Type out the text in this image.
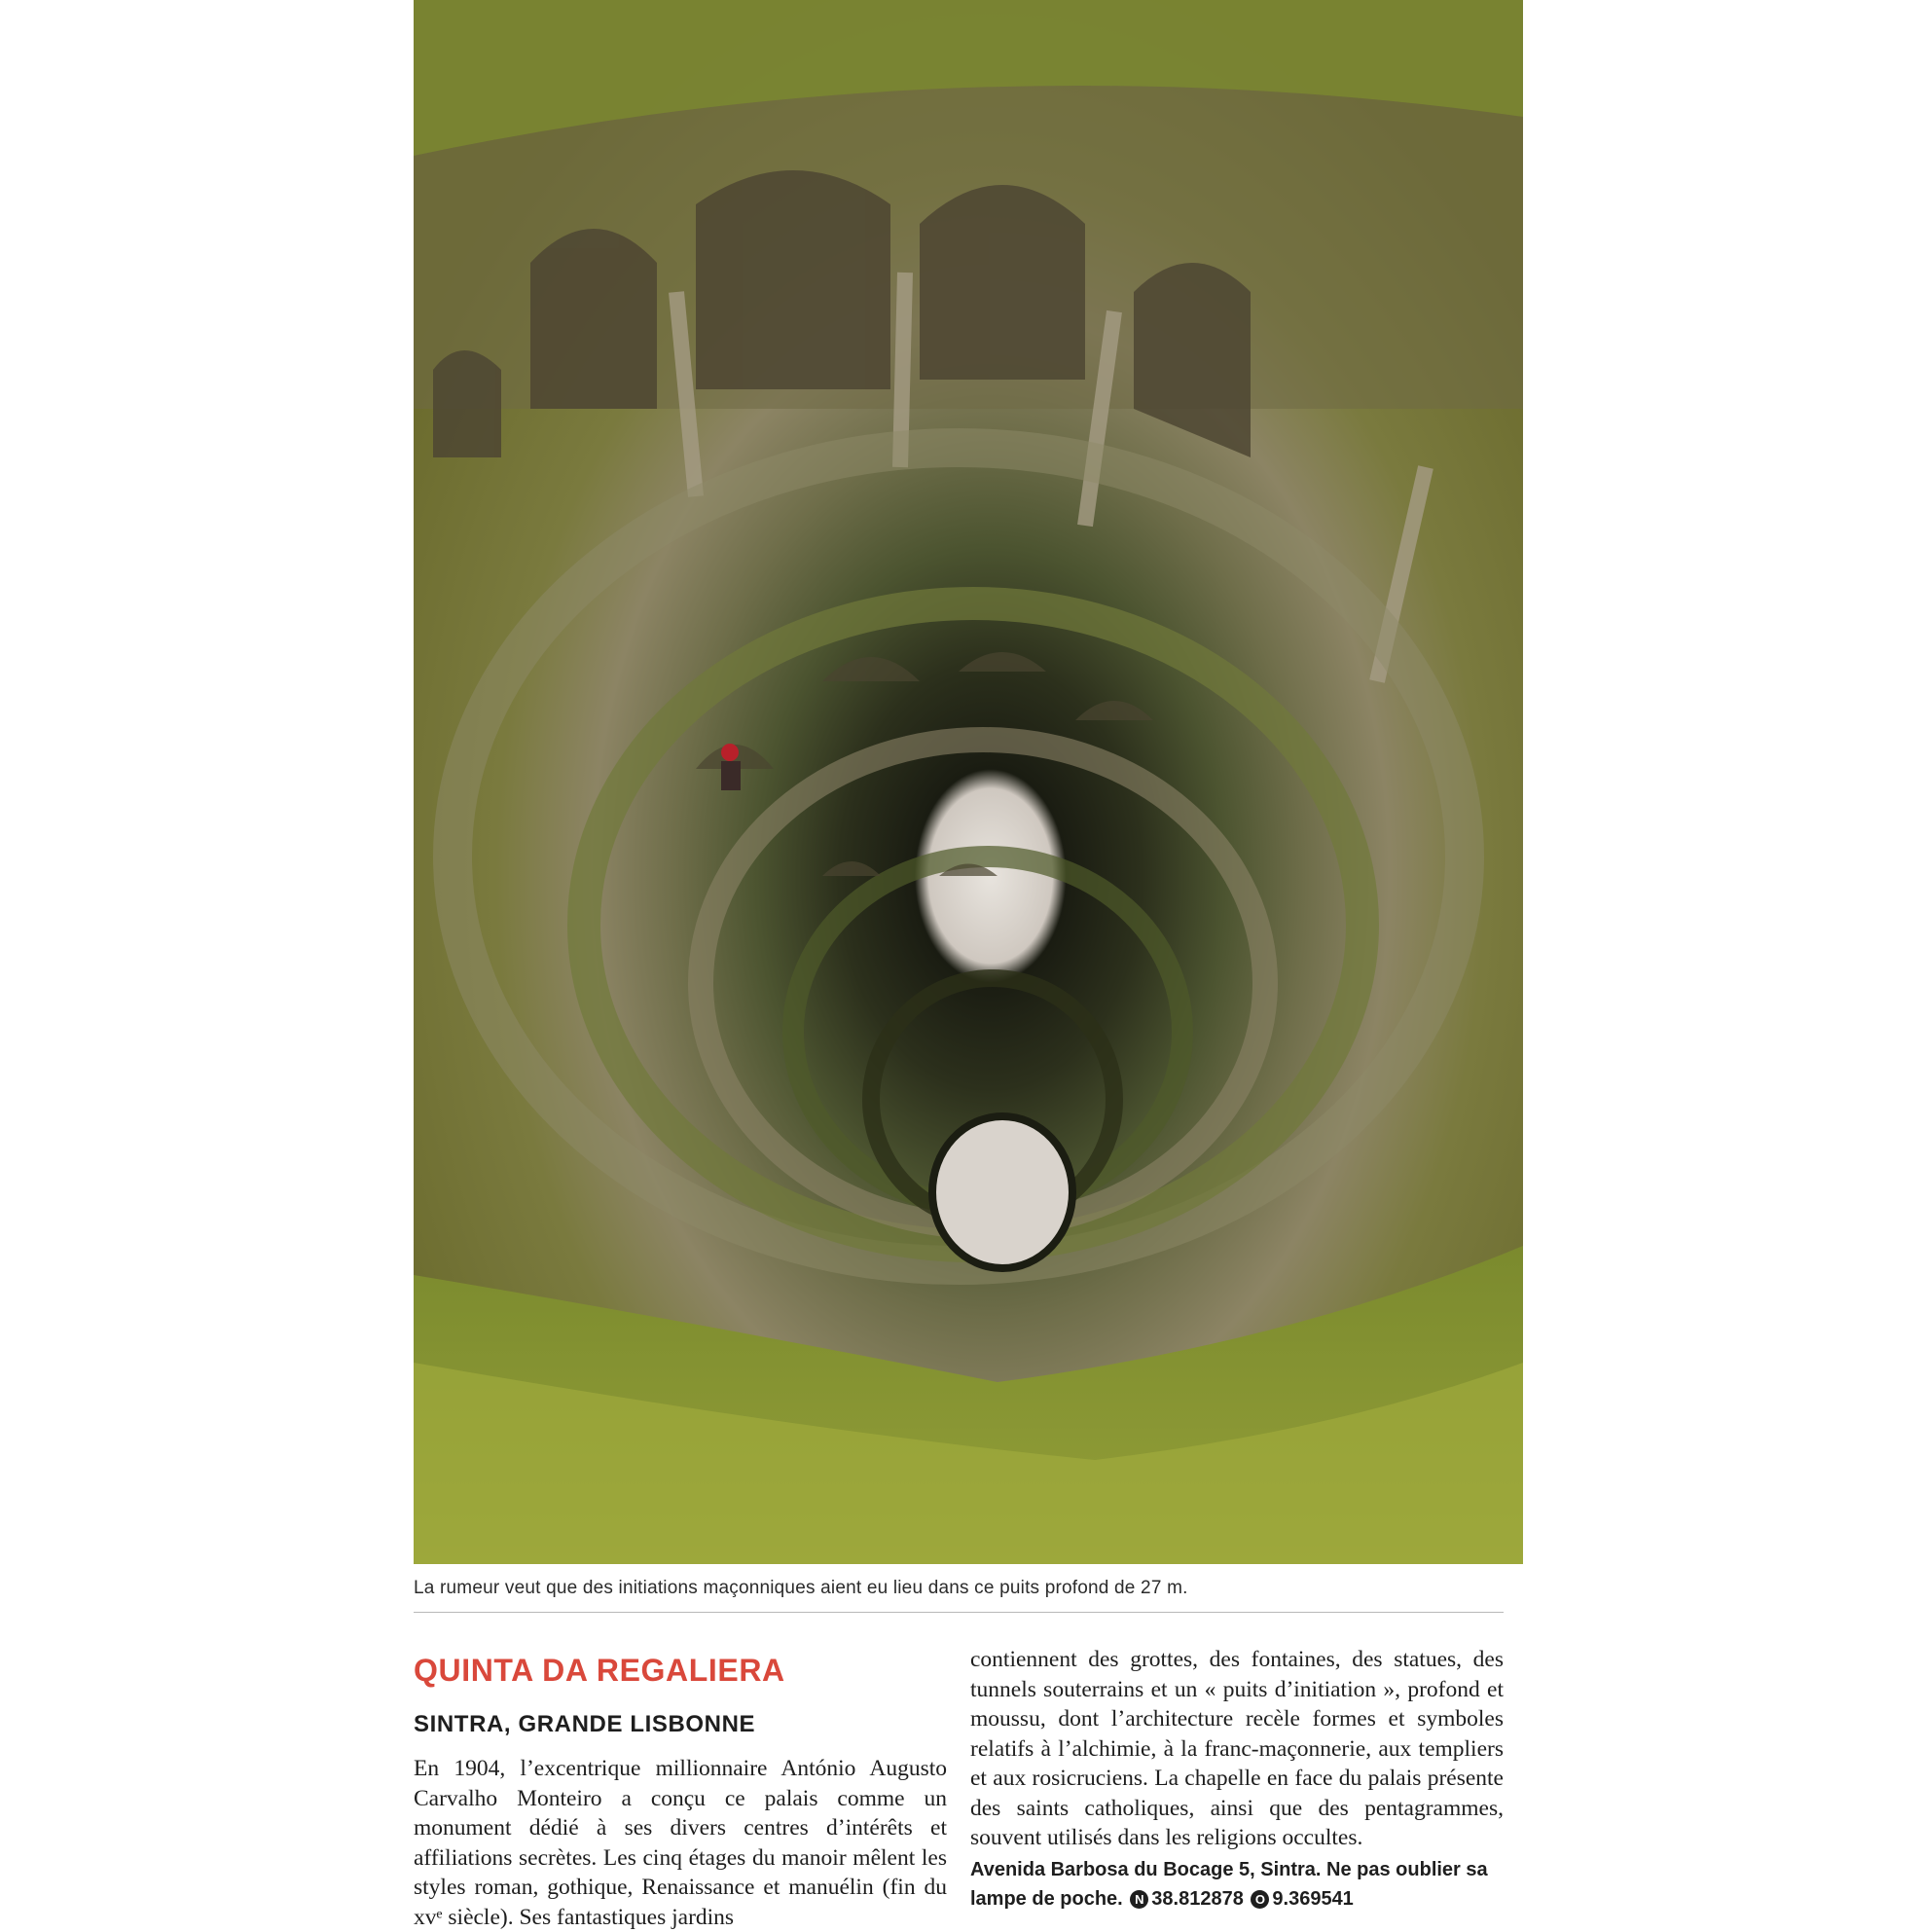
La rumeur veut que des initiations maçonniques aient eu lieu dans ce puits profond de 27 m.
QUINTA DA REGALIERA
SINTRA, GRANDE LISBONNE
En 1904, l’excentrique millionnaire António Augusto Carvalho Monteiro a conçu ce palais comme un monument dédié à ses divers centres d’intérêts et affiliations secrètes. Les cinq étages du manoir mêlent les styles roman, gothique, Renaissance et manuélin (fin du xvᵉ siècle). Ses fantastiques jardins
contiennent des grottes, des fontaines, des statues, des tunnels souterrains et un « puits d’initiation », profond et moussu, dont l’architecture recèle formes et symboles relatifs à l’alchimie, à la franc-maçonnerie, aux templiers et aux rosicruciens. La chapelle en face du palais présente des saints catholiques, ainsi que des pentagrammes, souvent utilisés dans les religions occultes.
Avenida Barbosa du Bocage 5, Sintra. Ne pas oublier sa lampe de poche. N 38.812878 O 9.369541
